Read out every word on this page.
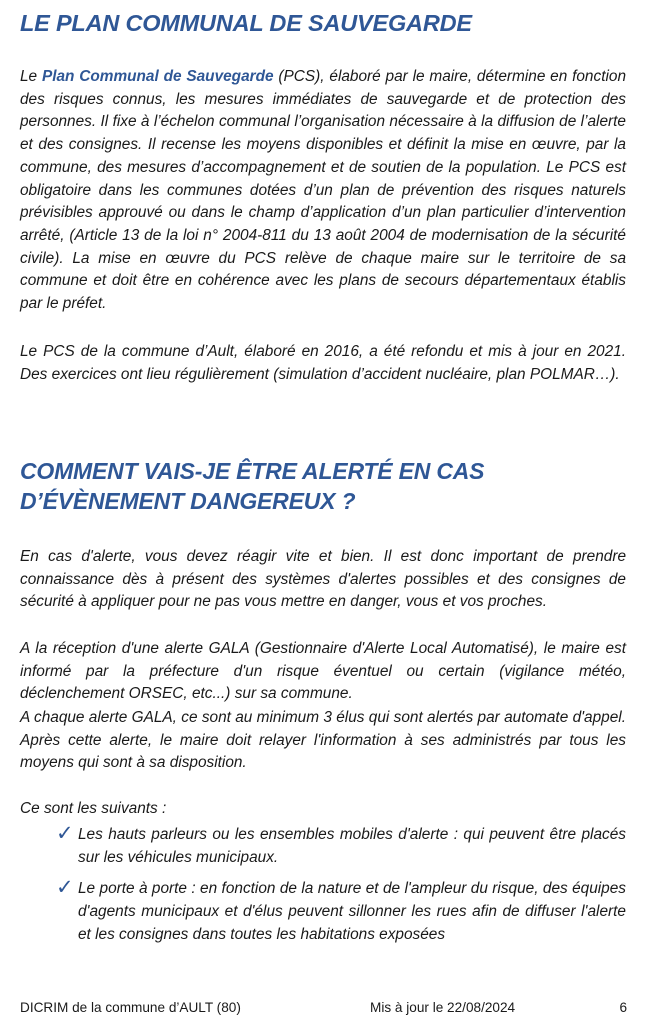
LE PLAN COMMUNAL DE SAUVEGARDE

Le Plan Communal de Sauvegarde (PCS), élaboré par le maire, détermine en fonction des risques connus, les mesures immédiates de sauvegarde et de protection des personnes. Il fixe à l’échelon communal l’organisation nécessaire à la diffusion de l’alerte et des consignes. Il recense les moyens disponibles et définit la mise en œuvre, par la commune, des mesures d’accompagnement et de soutien de la population. Le PCS est obligatoire dans les communes dotées d’un plan de prévention des risques naturels prévisibles approuvé ou dans le champ d’application d’un plan particulier d’intervention arrêté, (Article 13 de la loi n° 2004-811 du 13 août 2004 de modernisation de la sécurité civile). La mise en œuvre du PCS relève de chaque maire sur le territoire de sa commune et doit être en cohérence avec les plans de secours départementaux établis par le préfet.

Le PCS de la commune d’Ault, élaboré en 2016, a été refondu et mis à jour en 2021. Des exercices ont lieu régulièrement (simulation d’accident nucléaire, plan POLMAR…).

COMMENT VAIS-JE ÊTRE ALERTÉ EN CAS D’ÉVÈNEMENT DANGEREUX ?

En cas d'alerte, vous devez réagir vite et bien. Il est donc important de prendre connaissance dès à présent des systèmes d'alertes possibles et des consignes de sécurité à appliquer pour ne pas vous mettre en danger, vous et vos proches.

A la réception d'une alerte GALA (Gestionnaire d'Alerte Local Automatisé), le maire est informé par la préfecture d'un risque éventuel ou certain (vigilance météo, déclenchement ORSEC, etc...) sur sa commune.

A chaque alerte GALA, ce sont au minimum 3 élus qui sont alertés par automate d'appel. Après cette alerte, le maire doit relayer l'information à ses administrés par tous les moyens qui sont à sa disposition.

Ce sont les suivants :

✓ Les hauts parleurs ou les ensembles mobiles d'alerte : qui peuvent être placés sur les véhicules municipaux.
✓ Le porte à porte : en fonction de la nature et de l'ampleur du risque, des équipes d'agents municipaux et d'élus peuvent sillonner les rues afin de diffuser l'alerte et les consignes dans toutes les habitations exposées
DICRIM de la commune d’AULT (80)	Mis à jour le 22/08/2024	6
